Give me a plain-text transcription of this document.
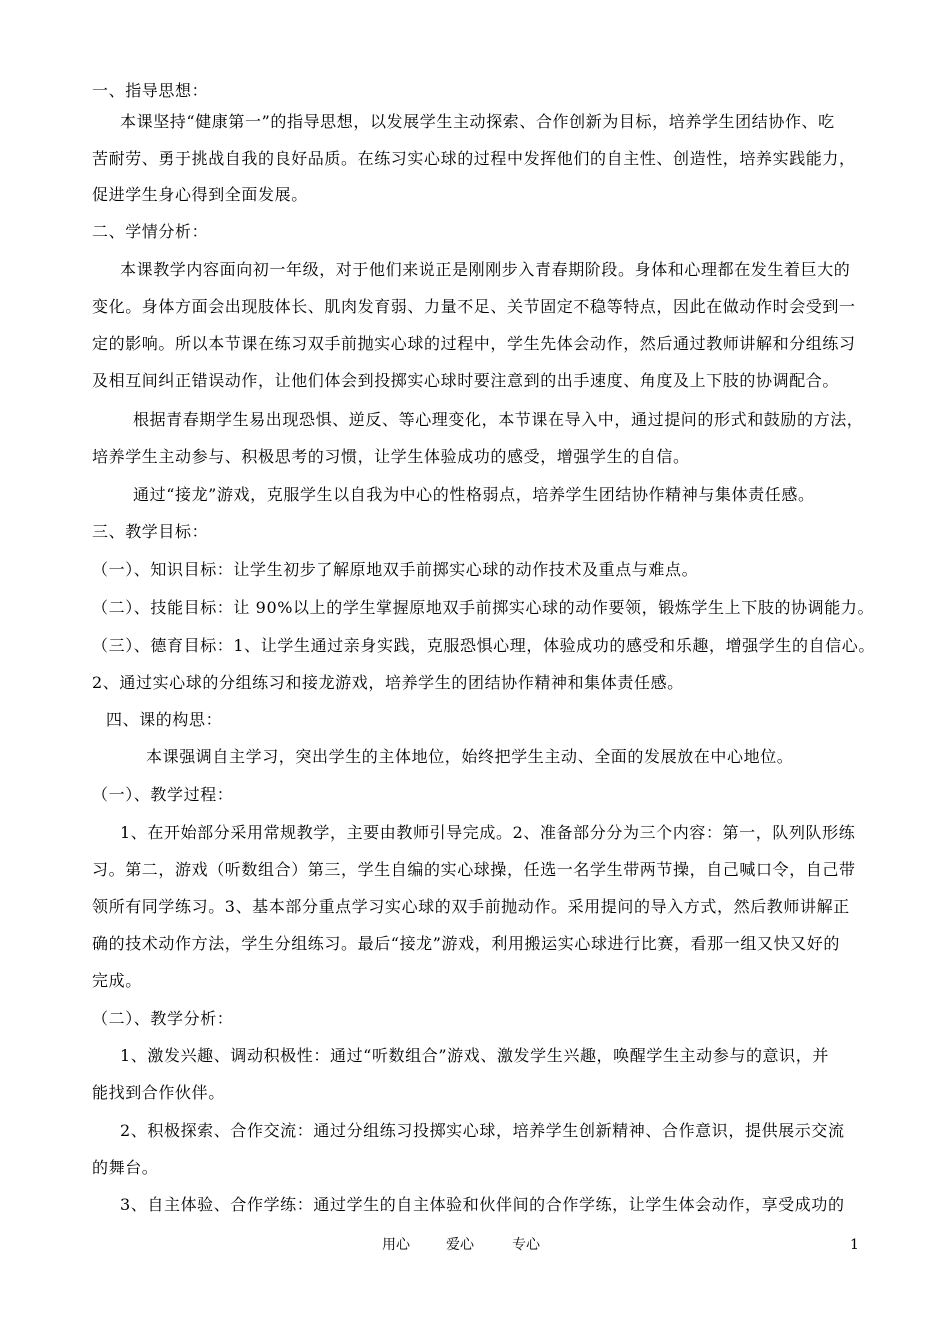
一、指导思想：
本课坚持“健康第一”的指导思想，以发展学生主动探索、合作创新为目标，培养学生团结协作、吃
苦耐劳、勇于挑战自我的良好品质。在练习实心球的过程中发挥他们的自主性、创造性，培养实践能力，
促进学生身心得到全面发展。
二、学情分析：
本课教学内容面向初一年级，对于他们来说正是刚刚步入青春期阶段。身体和心理都在发生着巨大的
变化。身体方面会出现肢体长、肌肉发育弱、力量不足、关节固定不稳等特点，因此在做动作时会受到一
定的影响。所以本节课在练习双手前抛实心球的过程中，学生先体会动作，然后通过教师讲解和分组练习
及相互间纠正错误动作，让他们体会到投掷实心球时要注意到的出手速度、角度及上下肢的协调配合。
根据青春期学生易出现恐惧、逆反、等心理变化，本节课在导入中，通过提问的形式和鼓励的方法，
培养学生主动参与、积极思考的习惯，让学生体验成功的感受，增强学生的自信。
通过“接龙”游戏，克服学生以自我为中心的性格弱点，培养学生团结协作精神与集体责任感。
三、教学目标：
（一）、知识目标：让学生初步了解原地双手前掷实心球的动作技术及重点与难点。
（二）、技能目标：让 90%以上的学生掌握原地双手前掷实心球的动作要领，锻炼学生上下肢的协调能力。
（三）、德育目标：1、让学生通过亲身实践，克服恐惧心理，体验成功的感受和乐趣，增强学生的自信心。
2、通过实心球的分组练习和接龙游戏，培养学生的团结协作精神和集体责任感。
四、课的构思：
本课强调自主学习，突出学生的主体地位，始终把学生主动、全面的发展放在中心地位。
（一）、教学过程：
1、在开始部分采用常规教学，主要由教师引导完成。2、准备部分分为三个内容：第一，队列队形练
习。第二，游戏（听数组合）第三，学生自编的实心球操，任选一名学生带两节操，自己喊口令，自己带
领所有同学练习。3、基本部分重点学习实心球的双手前抛动作。采用提问的导入方式，然后教师讲解正
确的技术动作方法，学生分组练习。最后“接龙”游戏，利用搬运实心球进行比赛，看那一组又快又好的
完成。
（二）、教学分析：
1、激发兴趣、调动积极性：通过“听数组合”游戏、激发学生兴趣，唤醒学生主动参与的意识，并
能找到合作伙伴。
2、积极探索、合作交流：通过分组练习投掷实心球，培养学生创新精神、合作意识，提供展示交流
的舞台。
3、自主体验、合作学练：通过学生的自主体验和伙伴间的合作学练，让学生体会动作，享受成功的
用心	爱心	专心	1
